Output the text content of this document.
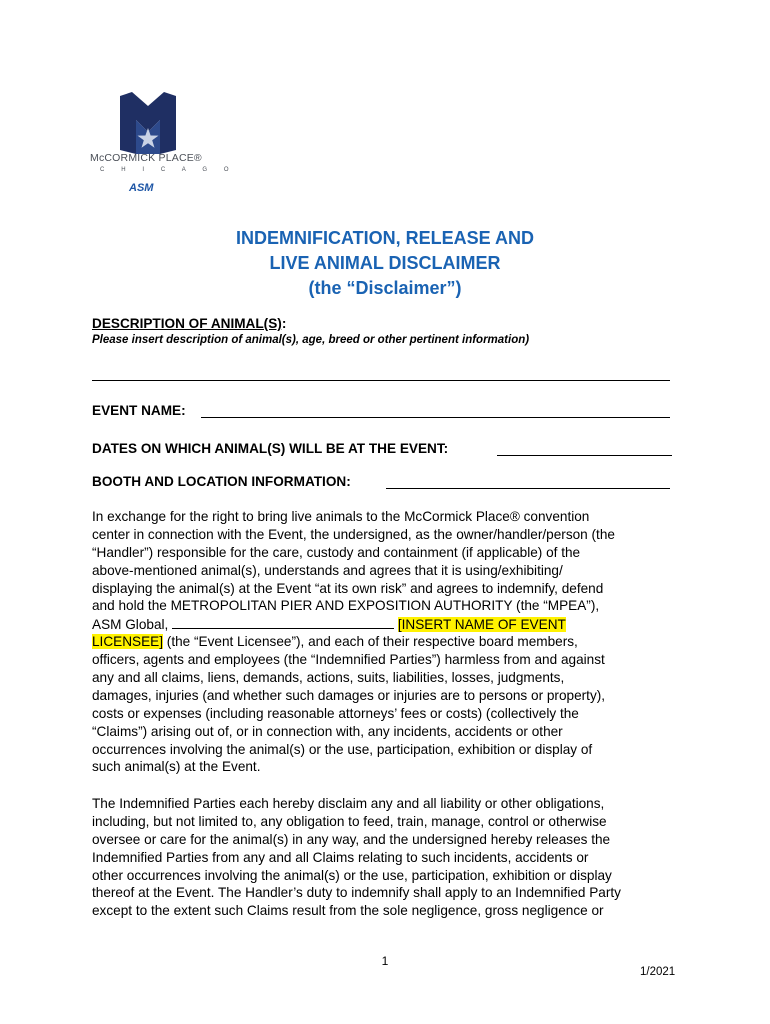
McCORMICK PLACE®
C H I C A G O
ASM
INDEMNIFICATION, RELEASE AND
LIVE ANIMAL DISCLAIMER
(the “Disclaimer”)
DESCRIPTION OF ANIMAL(S):
Please insert description of animal(s), age, breed or other pertinent information)
EVENT NAME:
DATES ON WHICH ANIMAL(S) WILL BE AT THE EVENT:
BOOTH AND LOCATION INFORMATION:
In exchange for the right to bring live animals to the McCormick Place® convention
center in connection with the Event, the undersigned, as the owner/handler/person (the
“Handler”) responsible for the care, custody and containment (if applicable) of the
above-mentioned animal(s), understands and agrees that it is using/exhibiting/
displaying the animal(s) at the Event “at its own risk” and agrees to indemnify, defend
and hold the METROPOLITAN PIER AND EXPOSITION AUTHORITY (the “MPEA”),
ASM Global,	[INSERT NAME OF EVENT
LICENSEE] (the “Event Licensee”), and each of their respective board members,
officers, agents and employees (the “Indemnified Parties”) harmless from and against
any and all claims, liens, demands, actions, suits, liabilities, losses, judgments,
damages, injuries (and whether such damages or injuries are to persons or property),
costs or expenses (including reasonable attorneys’ fees or costs) (collectively the
“Claims”) arising out of, or in connection with, any incidents, accidents or other
occurrences involving the animal(s) or the use, participation, exhibition or display of
such animal(s) at the Event.
The Indemnified Parties each hereby disclaim any and all liability or other obligations,
including, but not limited to, any obligation to feed, train, manage, control or otherwise
oversee or care for the animal(s) in any way, and the undersigned hereby releases the
Indemnified Parties from any and all Claims relating to such incidents, accidents or
other occurrences involving the animal(s) or the use, participation, exhibition or display
thereof at the Event. The Handler’s duty to indemnify shall apply to an Indemnified Party
except to the extent such Claims result from the sole negligence, gross negligence or
1
1/2021
